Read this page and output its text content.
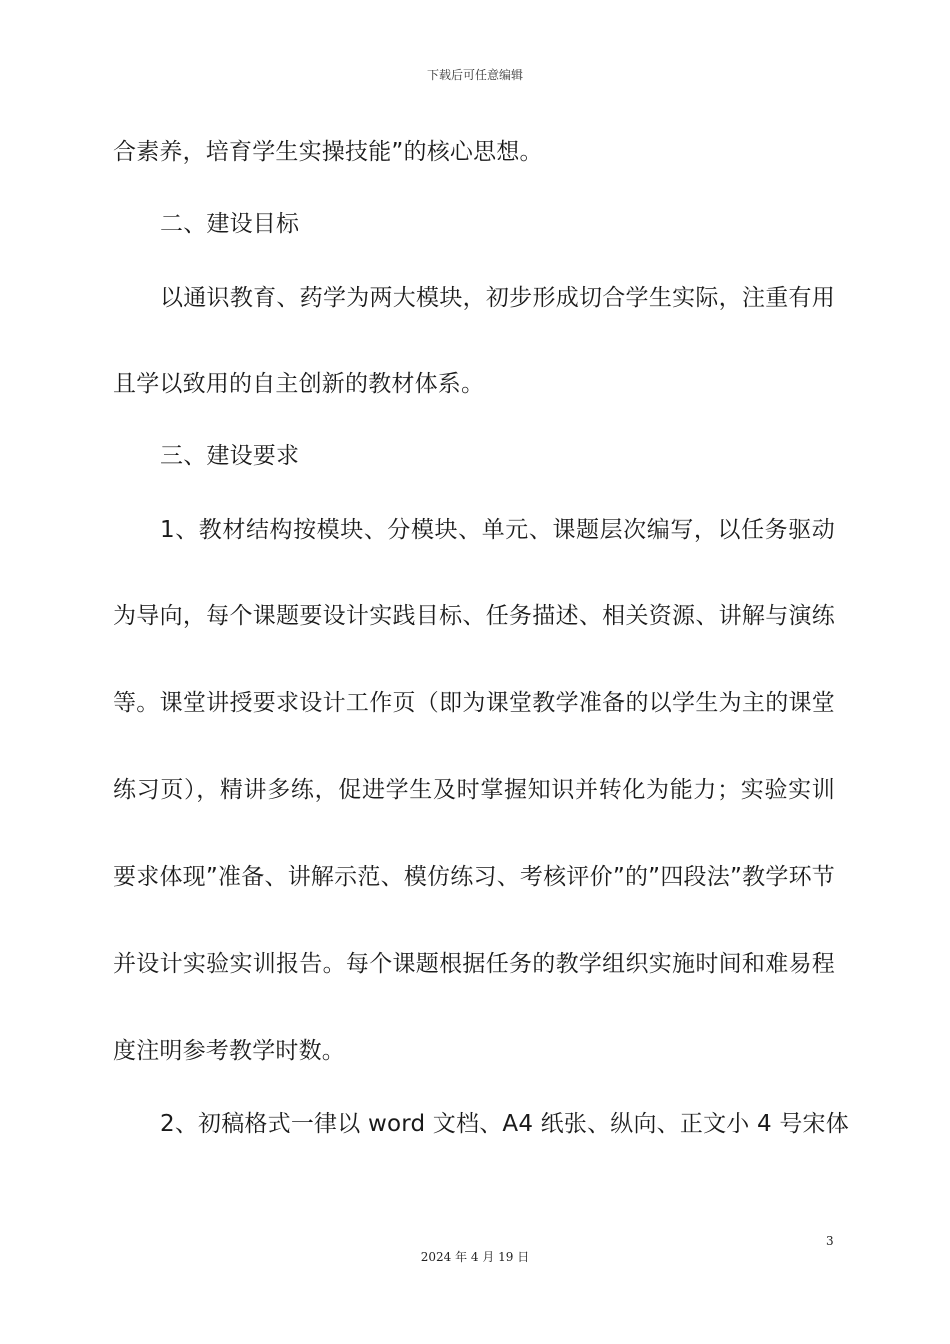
下载后可任意编辑
合素养，培育学生实操技能”的核心思想。
二、建设目标
以通识教育、药学为两大模块，初步形成切合学生实际，注重有用
且学以致用的自主创新的教材体系。
三、建设要求
1、教材结构按模块、分模块、单元、课题层次编写，以任务驱动
为导向，每个课题要设计实践目标、任务描述、相关资源、讲解与演练
等。课堂讲授要求设计工作页（即为课堂教学准备的以学生为主的课堂
练习页），精讲多练，促进学生及时掌握知识并转化为能力；实验实训
要求体现”准备、讲解示范、模仿练习、考核评价”的”四段法”教学环节
并设计实验实训报告。每个课题根据任务的教学组织实施时间和难易程
度注明参考教学时数。
2、初稿格式一律以 word 文档、A4 纸张、纵向、正文小 4 号宋体
3
2024 年 4 月 19 日
